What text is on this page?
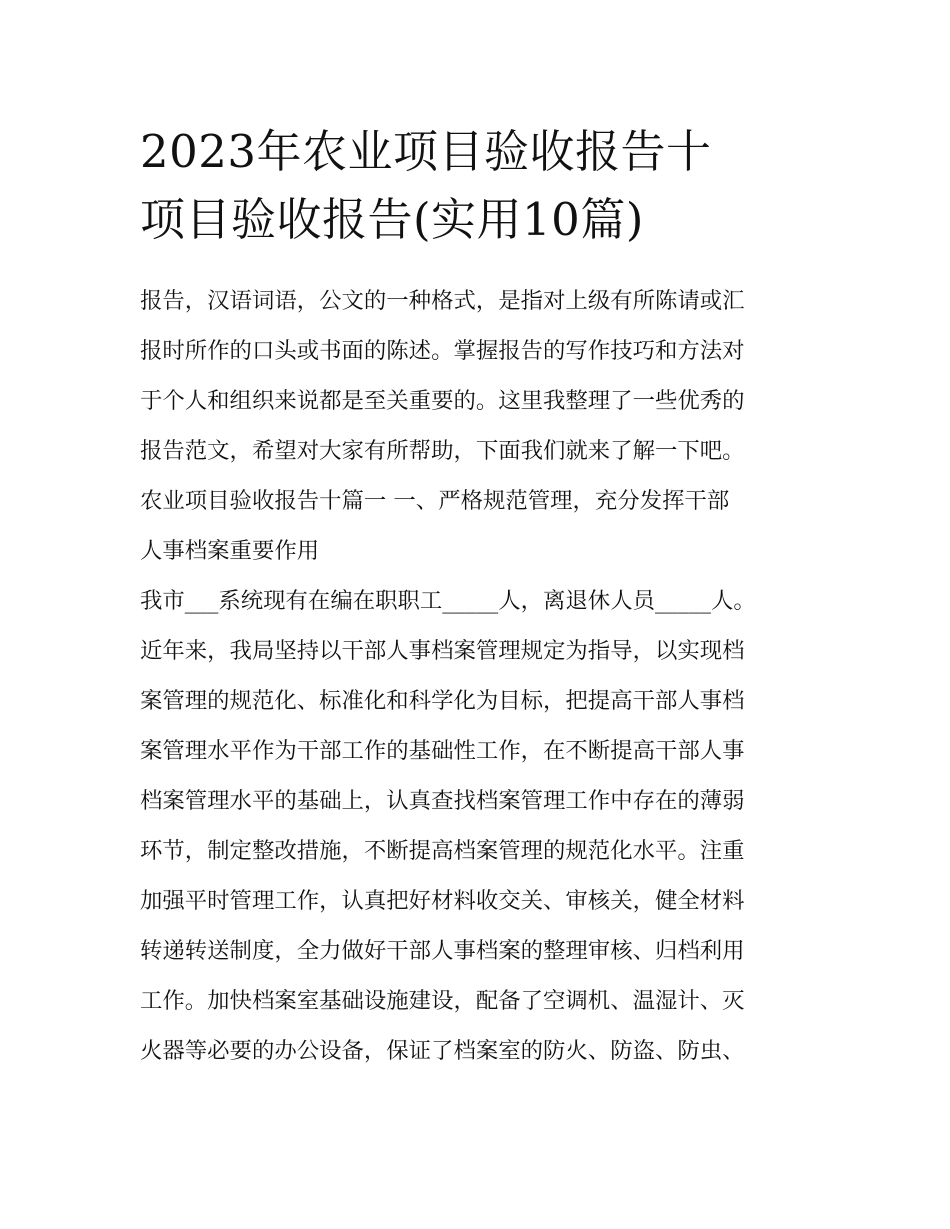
2023年农业项目验收报告十
项目验收报告(实用10篇)
报告，汉语词语，公文的一种格式，是指对上级有所陈请或汇
报时所作的口头或书面的陈述。掌握报告的写作技巧和方法对
于个人和组织来说都是至关重要的。这里我整理了一些优秀的
报告范文，希望对大家有所帮助，下面我们就来了解一下吧。
农业项目验收报告十篇一 一、严格规范管理，充分发挥干部
人事档案重要作用
我市___系统现有在编在职职工_____人，离退休人员_____人。
近年来，我局坚持以干部人事档案管理规定为指导，以实现档
案管理的规范化、标准化和科学化为目标，把提高干部人事档
案管理水平作为干部工作的基础性工作，在不断提高干部人事
档案管理水平的基础上，认真查找档案管理工作中存在的薄弱
环节，制定整改措施，不断提高档案管理的规范化水平。注重
加强平时管理工作，认真把好材料收交关、审核关，健全材料
转递转送制度，全力做好干部人事档案的整理审核、归档利用
工作。加快档案室基础设施建设，配备了空调机、温湿计、灭
火器等必要的办公设备，保证了档案室的防火、防盗、防虫、
